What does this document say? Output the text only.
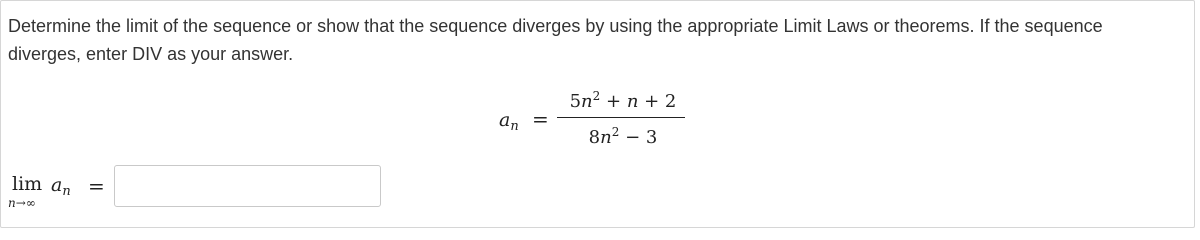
Determine the limit of the sequence or show that the sequence diverges by using the appropriate Limit Laws or theorems. If the sequence diverges, enter DIV as your answer.
$a_n$ =
$5n^2 + n + 2$
$8n^2 - 3$
lim
n→∞
$a_n$ =
